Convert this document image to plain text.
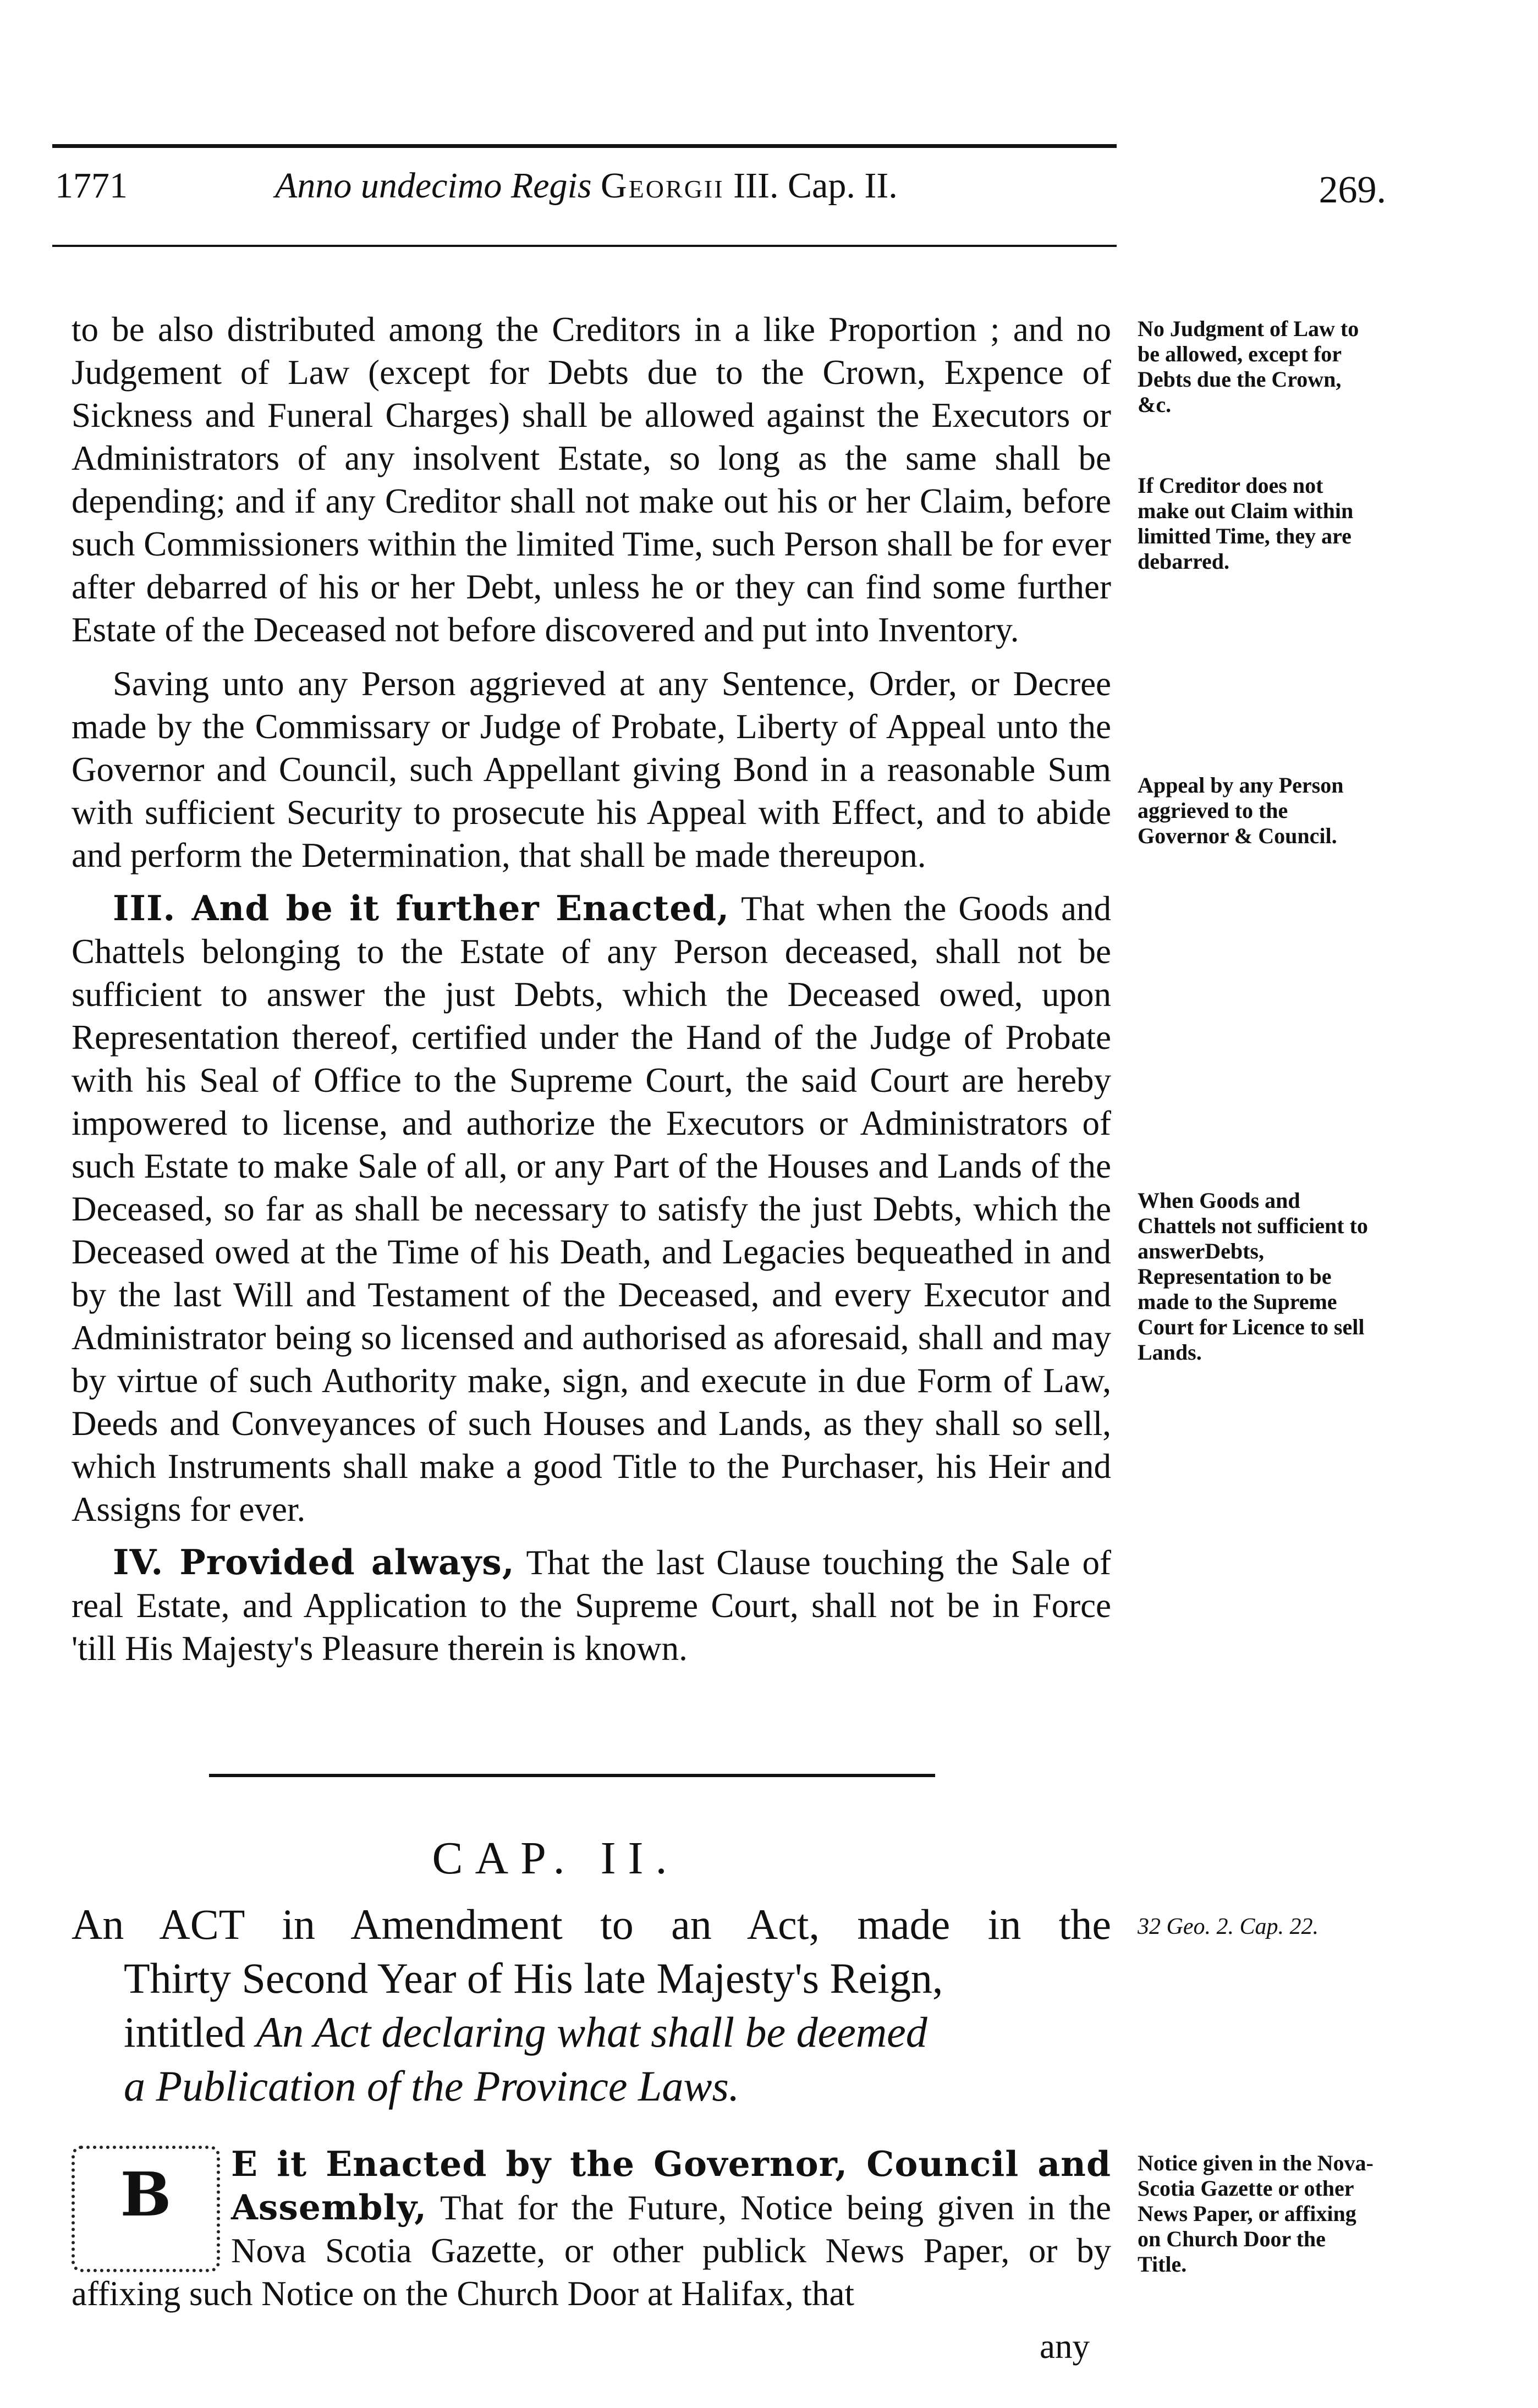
1771	Anno undecimo Regis Georgii III. Cap. II.	269.

to be also distributed among the Creditors in a like Proportion ; and no Judgement of Law (except for Debts due to the Crown, Expence of Sickness and Funeral Charges) shall be allowed against the Executors or Administrators of any insolvent Estate, so long as the same shall be depending; and if any Creditor shall not make out his or her Claim, before such Commissioners within the limited Time, such Person shall be for ever after debarred of his or her Debt, unless he or they can find some further Estate of the Deceased not before discovered and put into Inventory.

Saving unto any Person aggrieved at any Sentence, Order, or Decree made by the Commissary or Judge of Probate, Liberty of Appeal unto the Governor and Council, such Appellant giving Bond in a reasonable Sum with sufficient Security to prosecute his Appeal with Effect, and to abide and perform the Determination, that shall be made thereupon.

III. And be it further Enacted, That when the Goods and Chattels belonging to the Estate of any Person deceased, shall not be sufficient to answer the just Debts, which the Deceased owed, upon Representation thereof, certified under the Hand of the Judge of Probate with his Seal of Office to the Supreme Court, the said Court are hereby impowered to license, and authorize the Executors or Administrators of such Estate to make Sale of all, or any Part of the Houses and Lands of the Deceased, so far as shall be necessary to satisfy the just Debts, which the Deceased owed at the Time of his Death, and Legacies bequeathed in and by the last Will and Testament of the Deceased, and every Executor and Administrator being so licensed and authorised as aforesaid, shall and may by virtue of such Authority make, sign, and execute in due Form of Law, Deeds and Conveyances of such Houses and Lands, as they shall so sell, which Instruments shall make a good Title to the Purchaser, his Heir and Assigns for ever.

IV. Provided always, That the last Clause touching the Sale of real Estate, and Application to the Supreme Court, shall not be in Force 'till His Majesty's Pleasure therein is known.

No Judgment of Law to be allowed, except for Debts due the Crown, &c.
If Creditor does not make out Claim within limitted Time, they are debarred.
Appeal by any Person aggrieved to the Governor & Council.
When Goods and Chattels not sufficient to answerDebts, Representation to be made to the Supreme Court for Licence to sell Lands.
32 Geo. 2. Cap. 22.
Notice given in the Nova-Scotia Gazette or other News Paper, or affixing on Church Door the Title.
CAP. II.
An ACT in Amendment to an Act, made in the
Thirty Second Year of His late Majesty's Reign,
intitled An Act declaring what shall be deemed
a Publication of the Province Laws.
B	E it Enacted by the Governor, Council and Assembly, That for the Future, Notice being given in the Nova Scotia Gazette, or other publick News Paper, or by affixing such Notice on the Church Door at Halifax, that
any
